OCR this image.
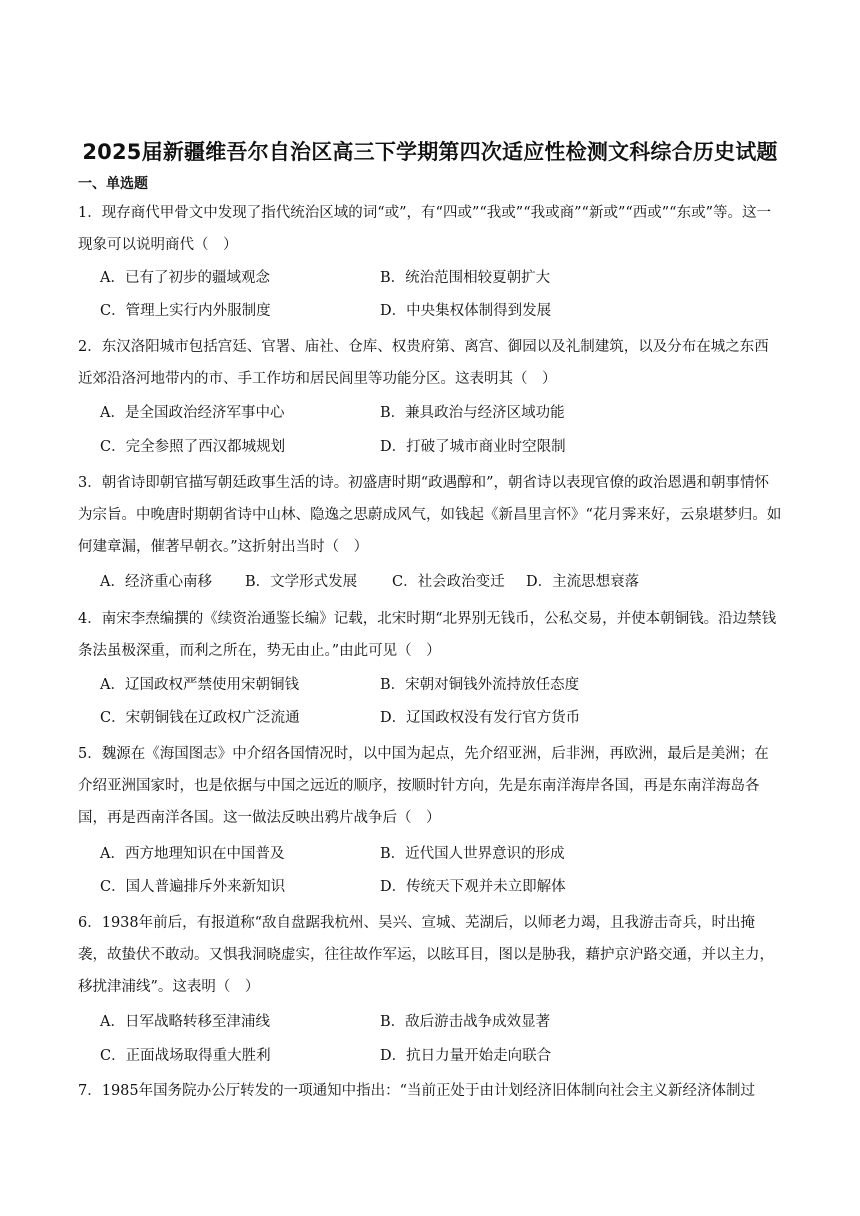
2025届新疆维吾尔自治区高三下学期第四次适应性检测文科综合历史试题
一、单选题
1．现存商代甲骨文中发现了指代统治区域的词“或”，有“四或”“我或”“我或商”“新或”“西或”“东或”等。这一现象可以说明商代（　）
A．已有了初步的疆域观念	B．统治范围相较夏朝扩大
C．管理上实行内外服制度	D．中央集权体制得到发展
2．东汉洛阳城市包括宫廷、官署、庙社、仓库、权贵府第、离宫、御园以及礼制建筑，以及分布在城之东西近郊沿洛河地带内的市、手工作坊和居民闾里等功能分区。这表明其（　）
A．是全国政治经济军事中心	B．兼具政治与经济区域功能
C．完全参照了西汉都城规划	D．打破了城市商业时空限制
3．朝省诗即朝官描写朝廷政事生活的诗。初盛唐时期“政遇醇和”，朝省诗以表现官僚的政治恩遇和朝事情怀为宗旨。中晚唐时期朝省诗中山林、隐逸之思蔚成风气，如钱起《新昌里言怀》“花月霁来好，云泉堪梦归。如何建章漏，催著早朝衣。”这折射出当时（　）
A．经济重心南移 B．文学形式发展 C．社会政治变迁 D．主流思想衰落
4．南宋李焘编撰的《续资治通鉴长编》记载，北宋时期“北界别无钱币，公私交易，并使本朝铜钱。沿边禁钱条法虽极深重，而利之所在，势无由止。”由此可见（　）
A．辽国政权严禁使用宋朝铜钱	B．宋朝对铜钱外流持放任态度
C．宋朝铜钱在辽政权广泛流通	D．辽国政权没有发行官方货币
5．魏源在《海国图志》中介绍各国情况时，以中国为起点，先介绍亚洲，后非洲，再欧洲，最后是美洲；在介绍亚洲国家时，也是依据与中国之远近的顺序，按顺时针方向，先是东南洋海岸各国，再是东南洋海岛各国，再是西南洋各国。这一做法反映出鸦片战争后（　）
A．西方地理知识在中国普及	B．近代国人世界意识的形成
C．国人普遍排斥外来新知识	D．传统天下观并未立即解体
6．1938年前后，有报道称“敌自盘踞我杭州、吴兴、宣城、芜湖后，以师老力竭，且我游击奇兵，时出掩袭，故蛰伏不敢动。又惧我洞晓虚实，往往故作军运，以眩耳目，图以是胁我，藉护京沪路交通，并以主力，移扰津浦线”。这表明（　）
A．日军战略转移至津浦线	B．敌后游击战争成效显著
C．正面战场取得重大胜利	D．抗日力量开始走向联合
7．1985年国务院办公厅转发的一项通知中指出：“当前正处于由计划经济旧体制向社会主义新经济体制过
